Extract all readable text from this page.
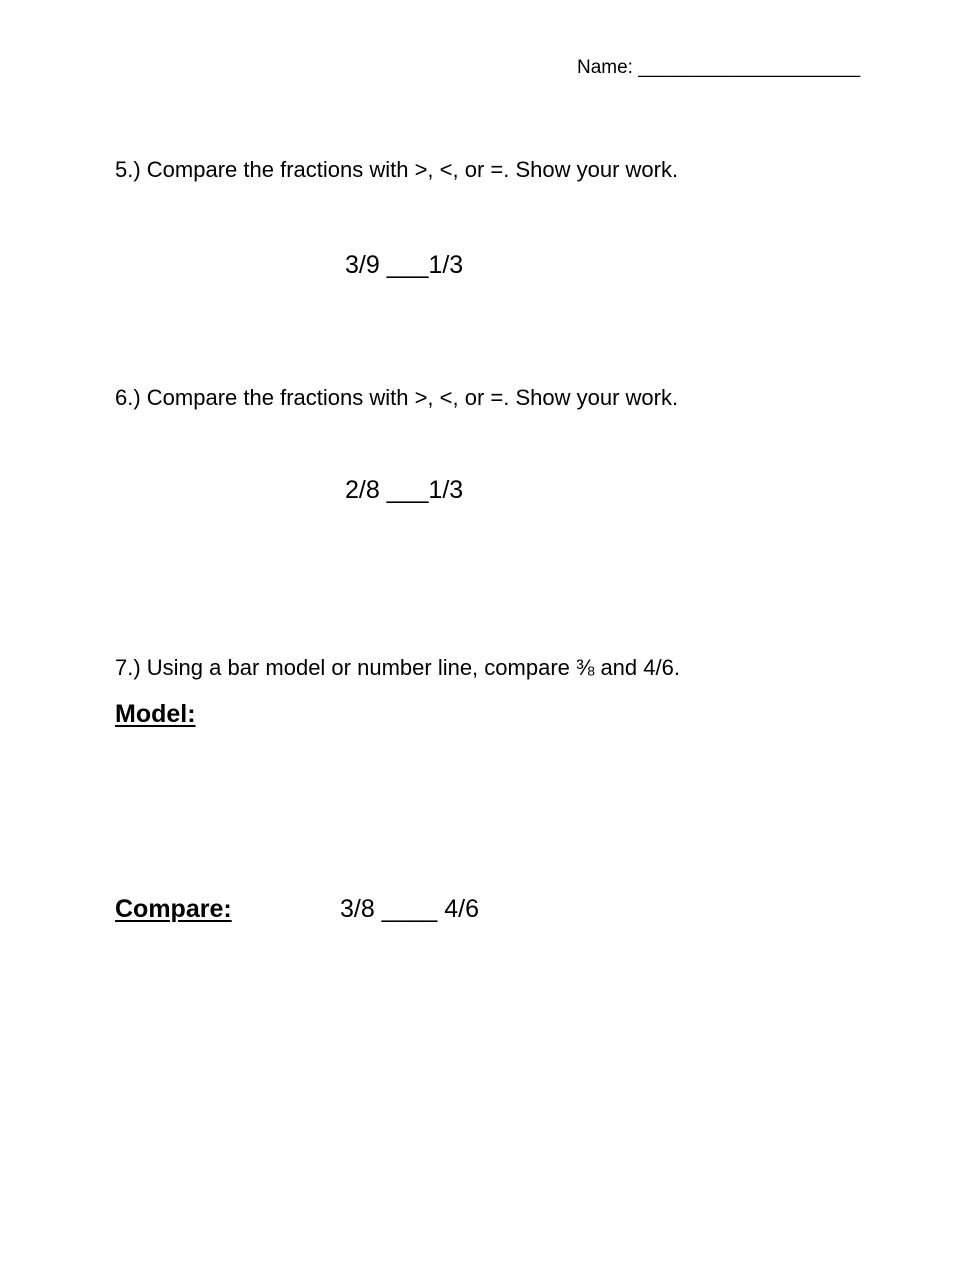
Name: _____________________
5.) Compare the fractions with >, <, or =. Show your work.
3/9 ___1/3
6.) Compare the fractions with >, <, or =. Show your work.
2/8 ___1/3
7.) Using a bar model or number line, compare ⅜ and 4/6.
Model:
Compare:	3/8 ____ 4/6
